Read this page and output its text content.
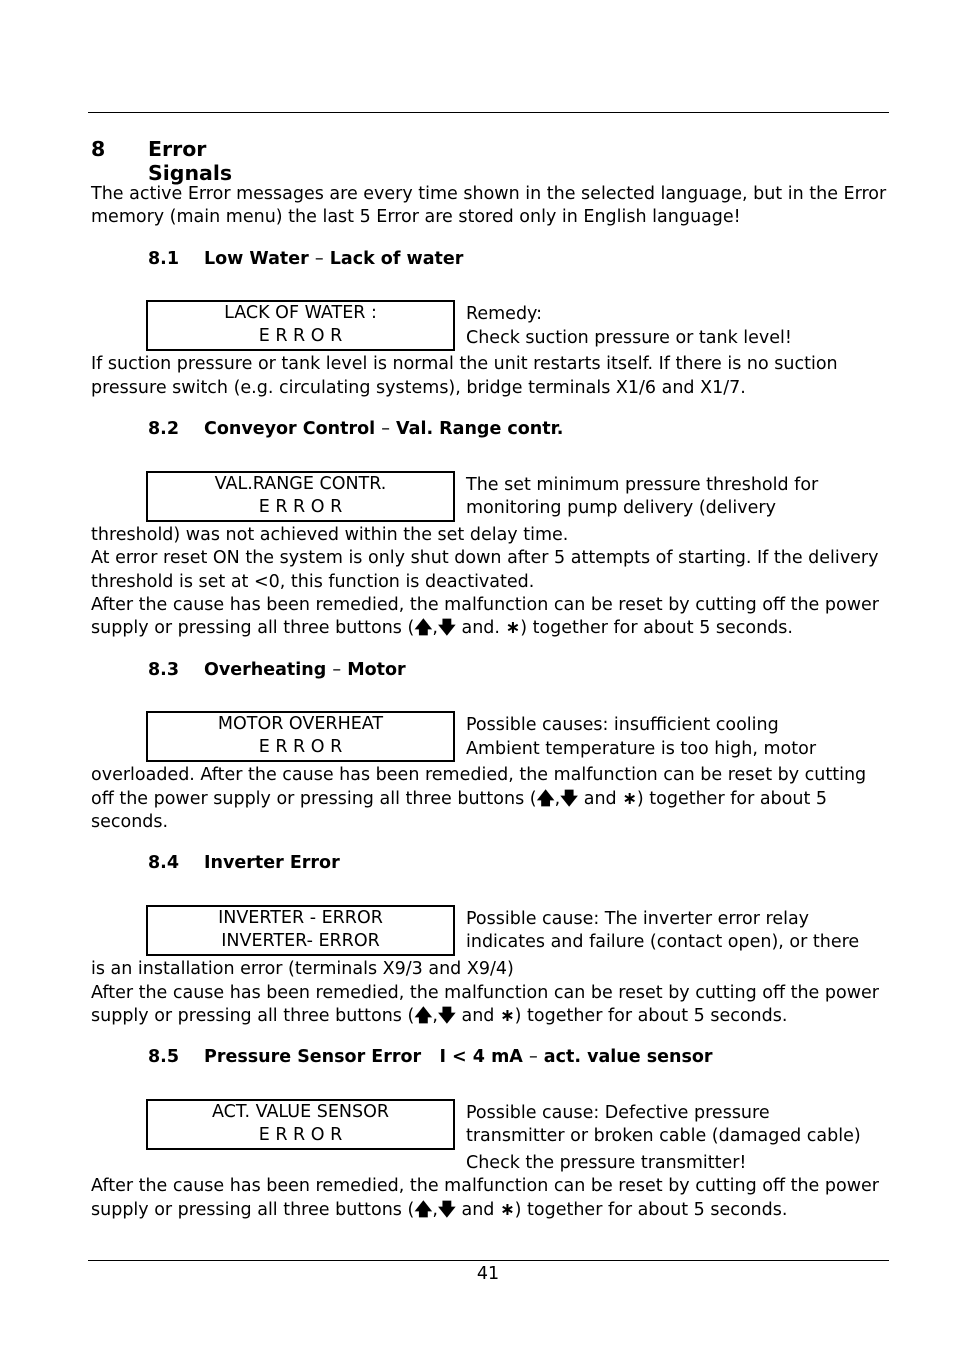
8 Error Signals
The active Error messages are every time shown in the selected language, but in the Error
memory (main menu) the last 5 Error are stored only in English language!
8.1 Low Water – Lack of water
LACK OF WATER :
E R R O R
Remedy:
Check suction pressure or tank level!
If suction pressure or tank level is normal the unit restarts itself. If there is no suction
pressure switch (e.g. circulating systems), bridge terminals X1/6 and X1/7.
8.2 Conveyor Control – Val. Range contr.
VAL.RANGE CONTR.
E R R O R
The set minimum pressure threshold for
monitoring pump delivery (delivery
threshold) was not achieved within the set delay time.
At error reset ON the system is only shut down after 5 attempts of starting. If the delivery
threshold is set at <0, this function is deactivated.
After the cause has been remedied, the malfunction can be reset by cutting off the power
supply or pressing all three buttons (🡅,🡇 and. ∗) together for about 5 seconds.
8.3 Overheating – Motor
MOTOR OVERHEAT
E R R O R
Possible causes: insufficient cooling
Ambient temperature is too high, motor
overloaded. After the cause has been remedied, the malfunction can be reset by cutting
off the power supply or pressing all three buttons (🡅,🡇 and ∗) together for about 5
seconds.
8.4 Inverter Error
INVERTER - ERROR
INVERTER- ERROR
Possible cause: The inverter error relay
indicates and failure (contact open), or there
is an installation error (terminals X9/3 and X9/4)
After the cause has been remedied, the malfunction can be reset by cutting off the power
supply or pressing all three buttons (🡅,🡇 and ∗) together for about 5 seconds.
8.5 Pressure Sensor Error   I < 4 mA – act. value sensor
ACT. VALUE SENSOR
E R R O R
Possible cause: Defective pressure
transmitter or broken cable (damaged cable)
Check the pressure transmitter!
After the cause has been remedied, the malfunction can be reset by cutting off the power
supply or pressing all three buttons (🡅,🡇 and ∗) together for about 5 seconds.
41
